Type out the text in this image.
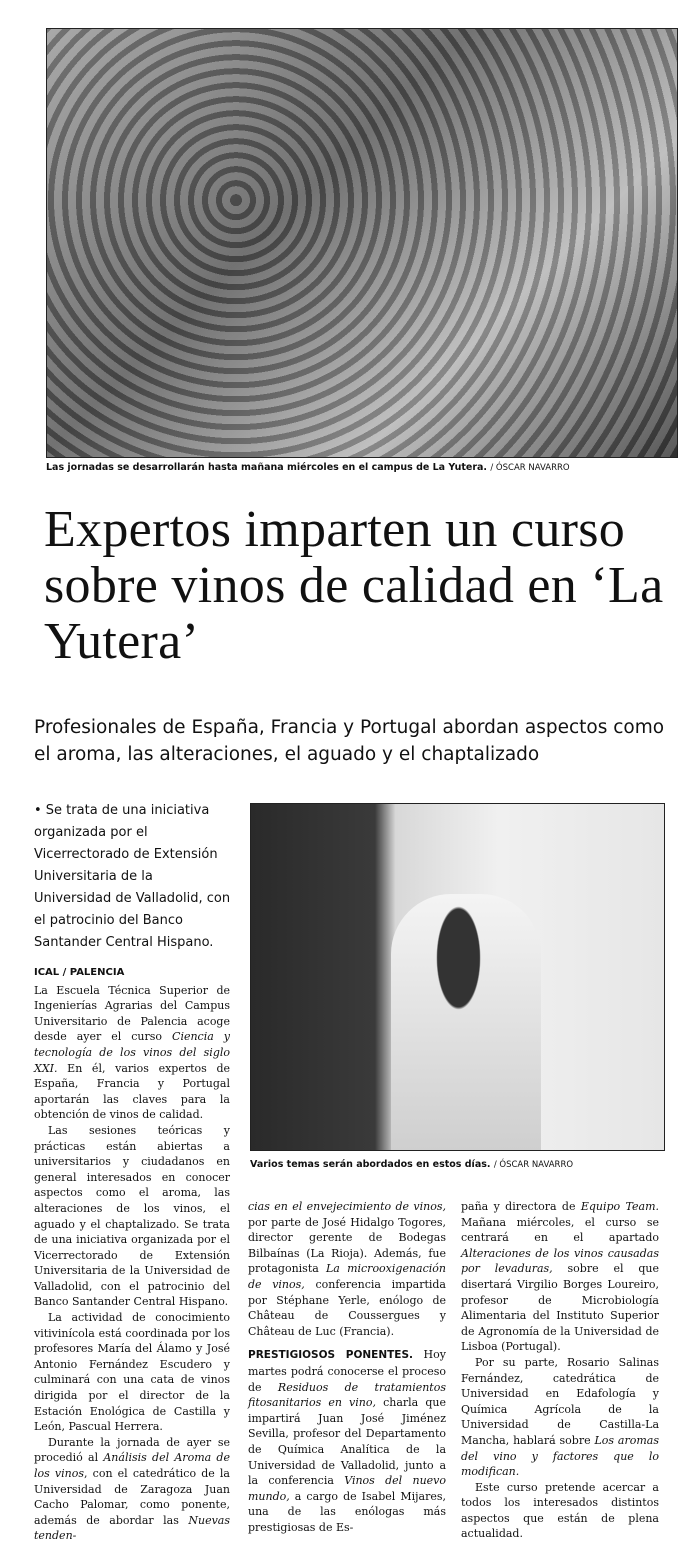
Las jornadas se desarrollarán hasta mañana miércoles en el campus de La Yutera. / ÓSCAR NAVARRO
Expertos imparten un curso sobre vinos de calidad en ‘La Yutera’

Profesionales de España, Francia y Portugal abordan aspectos como el aroma, las alteraciones, el aguado y el chaptalizado

• Se trata de una iniciativa organizada por el Vicerrectorado de Extensión Universitaria de la Universidad de Valladolid, con el patrocinio del Banco Santander Central Hispano.
Varios temas serán abordados en estos días. / ÓSCAR NAVARRO
ICAL / PALENCIA

La Escuela Técnica Superior de Ingenierías Agrarias del Campus Universitario de Palencia acoge desde ayer el curso Ciencia y tecnología de los vinos del siglo XXI. En él, varios expertos de España, Francia y Portugal aportarán las claves para la obtención de vinos de calidad.

Las sesiones teóricas y prácticas están abiertas a universitarios y ciudadanos en general interesados en conocer aspectos como el aroma, las alteraciones de los vinos, el aguado y el chaptalizado. Se trata de una iniciativa organizada por el Vicerrectorado de Extensión Universitaria de la Universidad de Valladolid, con el patrocinio del Banco Santander Central Hispano.

La actividad de conocimiento vitivinícola está coordinada por los profesores María del Álamo y José Antonio Fernández Escudero y culminará con una cata de vinos dirigida por el director de la Estación Enológica de Castilla y León, Pascual Herrera.

Durante la jornada de ayer se procedió al Análisis del Aroma de los vinos, con el catedrático de la Universidad de Zaragoza Juan Cacho Palomar, como ponente, además de abordar las Nuevas tenden-

cias en el envejecimiento de vinos, por parte de José Hidalgo Togores, director gerente de Bodegas Bilbaínas (La Rioja). Además, fue protagonista La microoxigenación de vinos, conferencia impartida por Stéphane Yerle, enólogo de Château de Coussergues y Château de Luc (Francia).

PRESTIGIOSOS PONENTES. Hoy martes podrá conocerse el proceso de Residuos de tratamientos fitosanitarios en vino, charla que impartirá Juan José Jiménez Sevilla, profesor del Departamento de Química Analítica de la Universidad de Valladolid, junto a la conferencia Vinos del nuevo mundo, a cargo de Isabel Mijares, una de las enólogas más prestigiosas de Es-

paña y directora de Equipo Team. Mañana miércoles, el curso se centrará en el apartado Alteraciones de los vinos causadas por levaduras, sobre el que disertará Virgilio Borges Loureiro, profesor de Microbiología Alimentaria del Instituto Superior de Agronomía de la Universidad de Lisboa (Portugal).

Por su parte, Rosario Salinas Fernández, catedrática de Universidad en Edafología y Química Agrícola de la Universidad de Castilla-La Mancha, hablará sobre Los aromas del vino y factores que lo modifican.

Este curso pretende acercar a todos los interesados distintos aspectos que están de plena actualidad.
